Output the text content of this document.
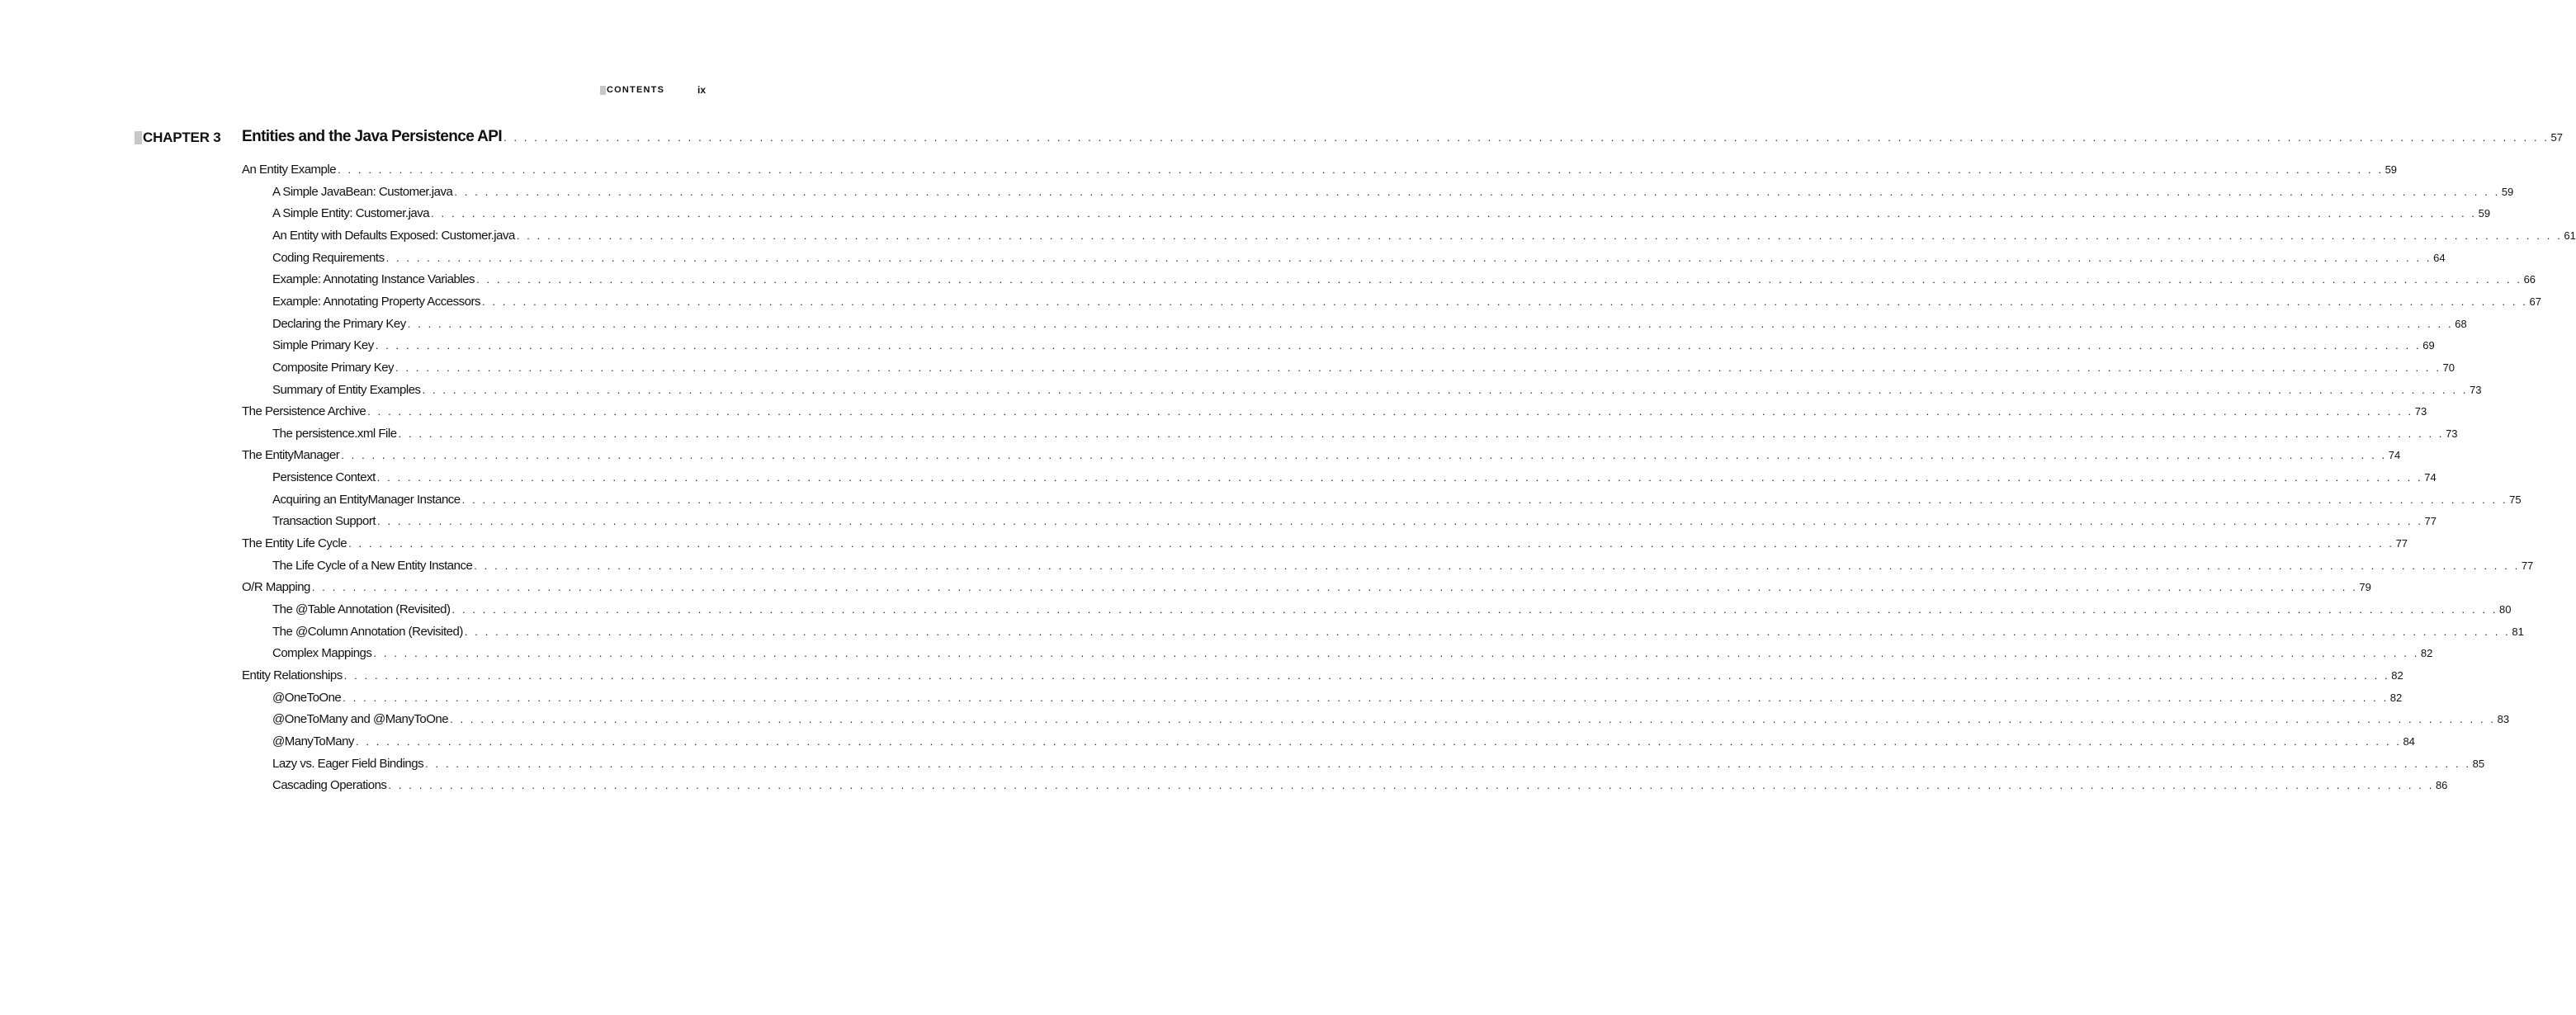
CONTENTS	ix
CHAPTER 3 Entities and the Java Persistence API . . . . . . . . . . . . . . . . . . . . . . . . . . . . . . . . . . . . . . . . . . . . . . . . . . . . . . . . . . . . . . . . . . . . . . . . . . . . . . . . . . . . . . . . . . . . . . . . . . . . . . . . . . . . . . . . . . . . . . . . . . . . . . . . . . . . . . . . . . . . . . . . . . . . . . . . . . . . . . . . . . . . . . . . . . . . . . . . . . . . . . . . . . . . . . . . . . . . . . . . 57
An Entity Example . . . . . . . . . . . . . . . . . . . . . . . . . . . . . . . . . . . . . . . . . . . . . . . . . . . . . . . . . . . . . . . . . . . . . . . . . . . . . . . . . . . . . . . . . . . . . . . . . . . . . . . . . . . . . . . . . . . . . . . . . . . . . . . . . . . . . . . . . . . . . . . . . . . . . . . . . . . . . . . . . . . . . . . . . . . . . . . . . . . . . . . . . . . . . . . . . . . . . . . . 59
A Simple JavaBean: Customer.java . . . . . . . . . . . . . . . . . . . . . . . . . . . . . . . . . . . . . . . . . . . . . . . . . . . . . . . . . . . . . . . . . . . . . . . . . . . . . . . . . . . . . . . . . . . . . . . . . . . . . . . . . . . . . . . . . . . . . . . . . . . . . . . . . . . . . . . . . . . . . . . . . . . . . . . . . . . . . . . . . . . . . . . . . . . . . . . . . . . . . . . . . . . . . . . . . . . . . . . . 59
A Simple Entity: Customer.java . . . . . . . . . . . . . . . . . . . . . . . . . . . . . . . . . . . . . . . . . . . . . . . . . . . . . . . . . . . . . . . . . . . . . . . . . . . . . . . . . . . . . . . . . . . . . . . . . . . . . . . . . . . . . . . . . . . . . . . . . . . . . . . . . . . . . . . . . . . . . . . . . . . . . . . . . . . . . . . . . . . . . . . . . . . . . . . . . . . . . . . . . . . . . . . . . . . . . . . . 59
An Entity with Defaults Exposed: Customer.java . . . . . . . . . . . . . . . . . . . . . . . . . . . . . . . . . . . . . . . . . . . . . . . . . . . . . . . . . . . . . . . . . . . . . . . . . . . . . . . . . . . . . . . . . . . . . . . . . . . . . . . . . . . . . . . . . . . . . . . . . . . . . . . . . . . . . . . . . . . . . . . . . . . . . . . . . . . . . . . . . . . . . . . . . . . . . . . . . . . . . . . . . . . . . . . . . . . . . . . . 61
Coding Requirements . . . . . . . . . . . . . . . . . . . . . . . . . . . . . . . . . . . . . . . . . . . . . . . . . . . . . . . . . . . . . . . . . . . . . . . . . . . . . . . . . . . . . . . . . . . . . . . . . . . . . . . . . . . . . . . . . . . . . . . . . . . . . . . . . . . . . . . . . . . . . . . . . . . . . . . . . . . . . . . . . . . . . . . . . . . . . . . . . . . . . . . . . . . . . . . . . . . . . . . . 64
Example: Annotating Instance Variables . . . . . . . . . . . . . . . . . . . . . . . . . . . . . . . . . . . . . . . . . . . . . . . . . . . . . . . . . . . . . . . . . . . . . . . . . . . . . . . . . . . . . . . . . . . . . . . . . . . . . . . . . . . . . . . . . . . . . . . . . . . . . . . . . . . . . . . . . . . . . . . . . . . . . . . . . . . . . . . . . . . . . . . . . . . . . . . . . . . . . . . . . . . . . . . . . . . . . . . . 66
Example: Annotating Property Accessors . . . . . . . . . . . . . . . . . . . . . . . . . . . . . . . . . . . . . . . . . . . . . . . . . . . . . . . . . . . . . . . . . . . . . . . . . . . . . . . . . . . . . . . . . . . . . . . . . . . . . . . . . . . . . . . . . . . . . . . . . . . . . . . . . . . . . . . . . . . . . . . . . . . . . . . . . . . . . . . . . . . . . . . . . . . . . . . . . . . . . . . . . . . . . . . . . . . . . . . . 67
Declaring the Primary Key . . . . . . . . . . . . . . . . . . . . . . . . . . . . . . . . . . . . . . . . . . . . . . . . . . . . . . . . . . . . . . . . . . . . . . . . . . . . . . . . . . . . . . . . . . . . . . . . . . . . . . . . . . . . . . . . . . . . . . . . . . . . . . . . . . . . . . . . . . . . . . . . . . . . . . . . . . . . . . . . . . . . . . . . . . . . . . . . . . . . . . . . . . . . . . . . . . . . . . . . 68
Simple Primary Key . . . . . . . . . . . . . . . . . . . . . . . . . . . . . . . . . . . . . . . . . . . . . . . . . . . . . . . . . . . . . . . . . . . . . . . . . . . . . . . . . . . . . . . . . . . . . . . . . . . . . . . . . . . . . . . . . . . . . . . . . . . . . . . . . . . . . . . . . . . . . . . . . . . . . . . . . . . . . . . . . . . . . . . . . . . . . . . . . . . . . . . . . . . . . . . . . . . . . . . . 69
Composite Primary Key . . . . . . . . . . . . . . . . . . . . . . . . . . . . . . . . . . . . . . . . . . . . . . . . . . . . . . . . . . . . . . . . . . . . . . . . . . . . . . . . . . . . . . . . . . . . . . . . . . . . . . . . . . . . . . . . . . . . . . . . . . . . . . . . . . . . . . . . . . . . . . . . . . . . . . . . . . . . . . . . . . . . . . . . . . . . . . . . . . . . . . . . . . . . . . . . . . . . . . . . 70
Summary of Entity Examples . . . . . . . . . . . . . . . . . . . . . . . . . . . . . . . . . . . . . . . . . . . . . . . . . . . . . . . . . . . . . . . . . . . . . . . . . . . . . . . . . . . . . . . . . . . . . . . . . . . . . . . . . . . . . . . . . . . . . . . . . . . . . . . . . . . . . . . . . . . . . . . . . . . . . . . . . . . . . . . . . . . . . . . . . . . . . . . . . . . . . . . . . . . . . . . . . . . . . . . . 73
The Persistence Archive . . . . . . . . . . . . . . . . . . . . . . . . . . . . . . . . . . . . . . . . . . . . . . . . . . . . . . . . . . . . . . . . . . . . . . . . . . . . . . . . . . . . . . . . . . . . . . . . . . . . . . . . . . . . . . . . . . . . . . . . . . . . . . . . . . . . . . . . . . . . . . . . . . . . . . . . . . . . . . . . . . . . . . . . . . . . . . . . . . . . . . . . . . . . . . . . . . . . . . . . 73
The persistence.xml File . . . . . . . . . . . . . . . . . . . . . . . . . . . . . . . . . . . . . . . . . . . . . . . . . . . . . . . . . . . . . . . . . . . . . . . . . . . . . . . . . . . . . . . . . . . . . . . . . . . . . . . . . . . . . . . . . . . . . . . . . . . . . . . . . . . . . . . . . . . . . . . . . . . . . . . . . . . . . . . . . . . . . . . . . . . . . . . . . . . . . . . . . . . . . . . . . . . . . . . . 73
The EntityManager . . . . . . . . . . . . . . . . . . . . . . . . . . . . . . . . . . . . . . . . . . . . . . . . . . . . . . . . . . . . . . . . . . . . . . . . . . . . . . . . . . . . . . . . . . . . . . . . . . . . . . . . . . . . . . . . . . . . . . . . . . . . . . . . . . . . . . . . . . . . . . . . . . . . . . . . . . . . . . . . . . . . . . . . . . . . . . . . . . . . . . . . . . . . . . . . . . . . . . . . 74
Persistence Context . . . . . . . . . . . . . . . . . . . . . . . . . . . . . . . . . . . . . . . . . . . . . . . . . . . . . . . . . . . . . . . . . . . . . . . . . . . . . . . . . . . . . . . . . . . . . . . . . . . . . . . . . . . . . . . . . . . . . . . . . . . . . . . . . . . . . . . . . . . . . . . . . . . . . . . . . . . . . . . . . . . . . . . . . . . . . . . . . . . . . . . . . . . . . . . . . . . . . . . . 74
Acquiring an EntityManager Instance . . . . . . . . . . . . . . . . . . . . . . . . . . . . . . . . . . . . . . . . . . . . . . . . . . . . . . . . . . . . . . . . . . . . . . . . . . . . . . . . . . . . . . . . . . . . . . . . . . . . . . . . . . . . . . . . . . . . . . . . . . . . . . . . . . . . . . . . . . . . . . . . . . . . . . . . . . . . . . . . . . . . . . . . . . . . . . . . . . . . . . . . . . . . . . . . . . . . . . . . 75
Transaction Support . . . . . . . . . . . . . . . . . . . . . . . . . . . . . . . . . . . . . . . . . . . . . . . . . . . . . . . . . . . . . . . . . . . . . . . . . . . . . . . . . . . . . . . . . . . . . . . . . . . . . . . . . . . . . . . . . . . . . . . . . . . . . . . . . . . . . . . . . . . . . . . . . . . . . . . . . . . . . . . . . . . . . . . . . . . . . . . . . . . . . . . . . . . . . . . . . . . . . . . . 77
The Entity Life Cycle . . . . . . . . . . . . . . . . . . . . . . . . . . . . . . . . . . . . . . . . . . . . . . . . . . . . . . . . . . . . . . . . . . . . . . . . . . . . . . . . . . . . . . . . . . . . . . . . . . . . . . . . . . . . . . . . . . . . . . . . . . . . . . . . . . . . . . . . . . . . . . . . . . . . . . . . . . . . . . . . . . . . . . . . . . . . . . . . . . . . . . . . . . . . . . . . . . . . . . . . 77
The Life Cycle of a New Entity Instance . . . . . . . . . . . . . . . . . . . . . . . . . . . . . . . . . . . . . . . . . . . . . . . . . . . . . . . . . . . . . . . . . . . . . . . . . . . . . . . . . . . . . . . . . . . . . . . . . . . . . . . . . . . . . . . . . . . . . . . . . . . . . . . . . . . . . . . . . . . . . . . . . . . . . . . . . . . . . . . . . . . . . . . . . . . . . . . . . . . . . . . . . . . . . . . . . . . . . . . . 77
O/R Mapping . . . . . . . . . . . . . . . . . . . . . . . . . . . . . . . . . . . . . . . . . . . . . . . . . . . . . . . . . . . . . . . . . . . . . . . . . . . . . . . . . . . . . . . . . . . . . . . . . . . . . . . . . . . . . . . . . . . . . . . . . . . . . . . . . . . . . . . . . . . . . . . . . . . . . . . . . . . . . . . . . . . . . . . . . . . . . . . . . . . . . . . . . . . . . . . . . . . . . . . . 79
The @Table Annotation (Revisited) . . . . . . . . . . . . . . . . . . . . . . . . . . . . . . . . . . . . . . . . . . . . . . . . . . . . . . . . . . . . . . . . . . . . . . . . . . . . . . . . . . . . . . . . . . . . . . . . . . . . . . . . . . . . . . . . . . . . . . . . . . . . . . . . . . . . . . . . . . . . . . . . . . . . . . . . . . . . . . . . . . . . . . . . . . . . . . . . . . . . . . . . . . . . . . . . . . . . . . . . 80
The @Column Annotation (Revisited) . . . . . . . . . . . . . . . . . . . . . . . . . . . . . . . . . . . . . . . . . . . . . . . . . . . . . . . . . . . . . . . . . . . . . . . . . . . . . . . . . . . . . . . . . . . . . . . . . . . . . . . . . . . . . . . . . . . . . . . . . . . . . . . . . . . . . . . . . . . . . . . . . . . . . . . . . . . . . . . . . . . . . . . . . . . . . . . . . . . . . . . . . . . . . . . . . . . . . . . . 81
Complex Mappings . . . . . . . . . . . . . . . . . . . . . . . . . . . . . . . . . . . . . . . . . . . . . . . . . . . . . . . . . . . . . . . . . . . . . . . . . . . . . . . . . . . . . . . . . . . . . . . . . . . . . . . . . . . . . . . . . . . . . . . . . . . . . . . . . . . . . . . . . . . . . . . . . . . . . . . . . . . . . . . . . . . . . . . . . . . . . . . . . . . . . . . . . . . . . . . . . . . . . . . . 82
Entity Relationships . . . . . . . . . . . . . . . . . . . . . . . . . . . . . . . . . . . . . . . . . . . . . . . . . . . . . . . . . . . . . . . . . . . . . . . . . . . . . . . . . . . . . . . . . . . . . . . . . . . . . . . . . . . . . . . . . . . . . . . . . . . . . . . . . . . . . . . . . . . . . . . . . . . . . . . . . . . . . . . . . . . . . . . . . . . . . . . . . . . . . . . . . . . . . . . . . . . . . . . . 82
@OneToOne . . . . . . . . . . . . . . . . . . . . . . . . . . . . . . . . . . . . . . . . . . . . . . . . . . . . . . . . . . . . . . . . . . . . . . . . . . . . . . . . . . . . . . . . . . . . . . . . . . . . . . . . . . . . . . . . . . . . . . . . . . . . . . . . . . . . . . . . . . . . . . . . . . . . . . . . . . . . . . . . . . . . . . . . . . . . . . . . . . . . . . . . . . . . . . . . . . . . . . . . 82
@OneToMany and @ManyToOne . . . . . . . . . . . . . . . . . . . . . . . . . . . . . . . . . . . . . . . . . . . . . . . . . . . . . . . . . . . . . . . . . . . . . . . . . . . . . . . . . . . . . . . . . . . . . . . . . . . . . . . . . . . . . . . . . . . . . . . . . . . . . . . . . . . . . . . . . . . . . . . . . . . . . . . . . . . . . . . . . . . . . . . . . . . . . . . . . . . . . . . . . . . . . . . . . . . . . . . . 83
@ManyToMany . . . . . . . . . . . . . . . . . . . . . . . . . . . . . . . . . . . . . . . . . . . . . . . . . . . . . . . . . . . . . . . . . . . . . . . . . . . . . . . . . . . . . . . . . . . . . . . . . . . . . . . . . . . . . . . . . . . . . . . . . . . . . . . . . . . . . . . . . . . . . . . . . . . . . . . . . . . . . . . . . . . . . . . . . . . . . . . . . . . . . . . . . . . . . . . . . . . . . . . . 84
Lazy vs. Eager Field Bindings . . . . . . . . . . . . . . . . . . . . . . . . . . . . . . . . . . . . . . . . . . . . . . . . . . . . . . . . . . . . . . . . . . . . . . . . . . . . . . . . . . . . . . . . . . . . . . . . . . . . . . . . . . . . . . . . . . . . . . . . . . . . . . . . . . . . . . . . . . . . . . . . . . . . . . . . . . . . . . . . . . . . . . . . . . . . . . . . . . . . . . . . . . . . . . . . . . . . . . . . 85
Cascading Operations . . . . . . . . . . . . . . . . . . . . . . . . . . . . . . . . . . . . . . . . . . . . . . . . . . . . . . . . . . . . . . . . . . . . . . . . . . . . . . . . . . . . . . . . . . . . . . . . . . . . . . . . . . . . . . . . . . . . . . . . . . . . . . . . . . . . . . . . . . . . . . . . . . . . . . . . . . . . . . . . . . . . . . . . . . . . . . . . . . . . . . . . . . . . . . . . . . . . . . . . 86
